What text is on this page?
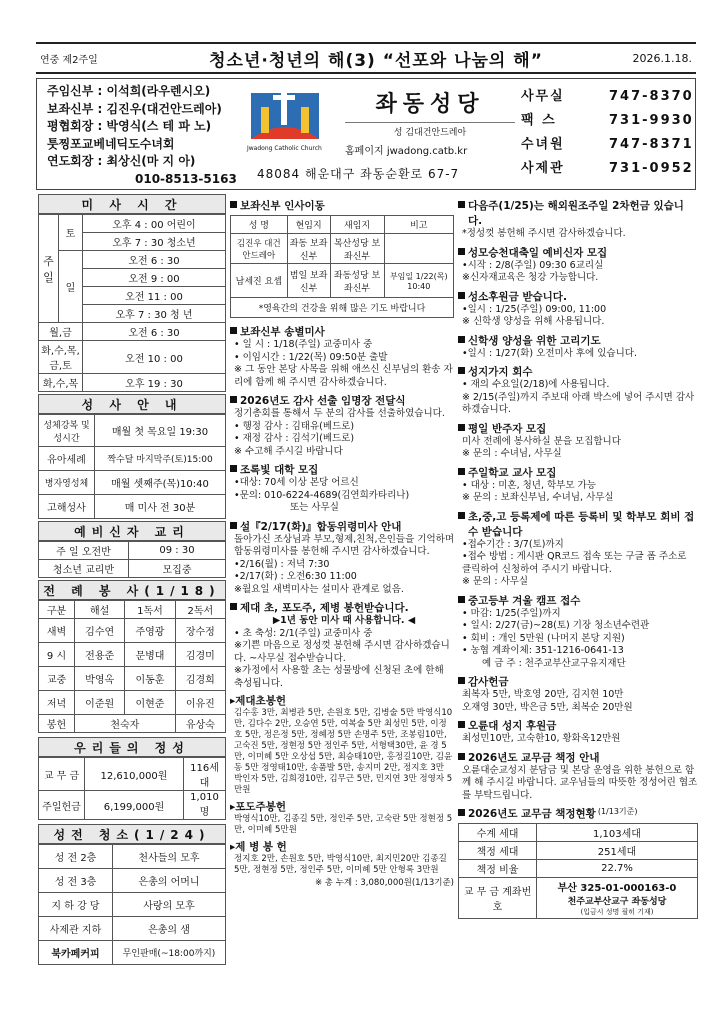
연중 제2주일	청소년·청년의 해(3) “선포와 나눔의 해”	2026.1.18.
주임신부 : 이석희(라우렌시오)
보좌신부 : 김진우(대건안드레아)
평협회장 : 박영식(스 테 파 노)
툿찡포교베네딕도수녀회
연도회장 : 최상신(마 지 아)
010-8513-5163
Jwadong Catholic Church
좌동성당
성 김대건안드레아
홈페이지 jwadong.catb.kr
48084 해운대구 좌동순환로 67-7
사무실	747-8370
팩 스	731-9930
수녀원	747-8371
사제관	731-0952
미 사 시 간
주일	토	오후 4 : 00 어린이
		오후 7 : 30 청소년
	일	오전 6 : 30
		오전 9 : 00
		오전 11 : 00
		오후 7 : 30 청 년
월,금		오전 6 : 30
화,수,목,금,토		오전 10 : 00
화,수,목		오후 19 : 30
성 사 안 내
성체강복 및 성시간	매월 첫 목요일 19:30
유아세례	짝수달 마지막주(토)15:00
병자영성체	매월 셋째주(목)10:40
고해성사	매 미사 전 30분
예비신자 교리
주 일 오전반	09 : 30
청소년 교리반	모집중
전 례 봉 사(1/18)
구분	해설	1독서	2독서
새벽	김수연	주영광	장수정
9 시	전용준	문병대	김경미
교중	박영옥	이동훈	김경희
저녁	이준원	이현준	이유진
봉헌	천숙자		유상숙
우리들의 정성
교 무 금	12,610,000원	116세대
주일헌금	6,199,000원	1,010 명
성전 청소(1/24)
성 전 2층	천사들의 모후
성 전 3층	은총의 어머니
지 하 강 당	사랑의 모후
사제관 지하	은총의 샘
북카페커피	무인판매(~18:00까지)
보좌신부 인사이동
성 명	현임지	새임지	비고
김진우 대건안드레아	좌동 보좌신부	복산성당 보좌신부	
남세진 요셉	범일 보좌신부	좌동성당 보좌신부	부임일 1/22(목) 10:40
*영육간의 건강을 위해 많은 기도 바랍니다			
보좌신부 송별미사
• 일 시 : 1/18(주일) 교중미사 중
• 이임시간 : 1/22(목) 09:50분 출발
※ 그 동안 본당 사목을 위해 애쓰신 신부님의 환송 자리에 함께 해 주시면 감사하겠습니다.
2026년도 감사 선출 임명장 전달식
정기총회를 통해서 두 분의 감사를 선출하였습니다.
• 행정 감사 : 김태유(베드로)
• 재정 감사 : 김석기(베드로)
※ 수고해 주시길 바랍니다
조록빛 대학 모집
•대상: 70세 이상 본당 어르신
•문의: 010-6224-4689(김연희카타리나)
또는 사무실
설『2/17(화)』합동위령미사 안내
돌아가신 조상님과 부모,형제,친척,은인들을 기억하며 합동위령미사를 봉헌해 주시면 감사하겠습니다.
•2/16(월) : 저녁 7:30
•2/17(화) : 오전6:30 11:00
※월요일 새벽미사는 설미사 관계로 없음.
제대 초, 포도주, 제병 봉헌받습니다.
▶1년 동안 미사 때 사용합니다. ◀
• 초 축성: 2/1(주일) 교중미사 중
※기쁜 마음으로 정성껏 봉헌해 주시면 감사하겠습니다. ~사무실 접수받습니다.
※가정에서 사용할 초는 성물방에 신청된 초에 한해 축성됩니다.
▸제대초봉헌
김수홍 3만, 최병관 5만, 손원호 5만, 김병술 5만 박영식10만, 김다수 2만, 오승연 5만, 여복술 5만 최성민 5만, 이정호 5만, 정은정 5만, 정혜정 5만 손명주 5만, 조봉림10만, 고숙진 5만, 정현정 5만 정인주 5만, 서형택30만, 윤 경 5만, 이미혜 5만 오상섭 5만, 최승태10만, 홍정길10만, 김윤동 5만 정영태10만, 송품발 5만, 송지미 2만, 정지호 3만 박인자 5만, 김희경10만, 김무근 5만, 민지연 3만 정영자 5만원
▸포도주봉헌
박영식10만, 김종길 5만, 정인주 5만, 고숙란 5만 정현정 5만, 이미혜 5만원
▸제 병 봉 헌
정지호 2만, 손원호 5만, 박영식10만, 최지민20만 김종길 5만, 정현정 5만, 정인주 5만, 이미혜 5만 안형록 3만원
※ 총 누계 : 3,080,000원(1/13기준)
다음주(1/25)는 해외원조주일 2차헌금 있습니다.
*정성껏 봉헌해 주시면 감사하겠습니다.
성모승천대축일 예비신자 모집
•시작 : 2/8(주일) 09:30 6교리실
※신자재교육은 청강 가능합니다.
성소후원금 받습니다.
•일시 : 1/25(주일) 09:00, 11:00
※ 신학생 양성을 위해 사용됩니다.
신학생 양성을 위한 고리기도
•일시 : 1/27(화) 오전미사 후에 있습니다.
성지가지 회수
• 재의 수요일(2/18)에 사용됩니다.
※ 2/15(주일)까지 주보대 아래 박스에 넣어 주시면 감사하겠습니다.
평일 반주자 모집
미사 전례에 봉사하실 분을 모집합니다
※ 문의 : 수녀님, 사무실
주일학교 교사 모집
• 대상 : 미혼, 청년, 학부모 가능
※ 문의 : 보좌신부님, 수녀님, 사무실
초,중,고 등록제에 따른 등록비 및 학부모 회비 접수 받습니다
•접수기간 : 3/7(토)까지
•접수 방법 : 게시판 QR코드 접속 또는 구글 폼 주소로 클릭하여 신청하여 주시기 바랍니다.
※ 문의 : 사무실
중고등부 겨울 캠프 접수
• 마감: 1/25(주일)까지
• 일시: 2/27(금)~28(토) 기장 청소년수련관
• 회비 : 개인 5만원 (나머지 본당 지원)
• 농협 계좌이체: 351-1216-0641-13
예 금 주 : 천주교부산교구유지재단
감사헌금
최복자 5만, 박호영 20만, 김지현 10만
오재영 30만, 박은금 5만, 최복순 20만원
오륜대 성지 후원금
최성민10만, 고숙한10, 황화옥12만원
2026년도 교무금 책정 안내
오륜대순교성지 분담금 및 본당 운영을 위한 봉헌으로 함께 해 주시길 바랍니다. 교우님들의 따뜻한 정성어린 협조를 부탁드립니다.
2026년도 교무금 책정현황 (1/13기준)
수계 세대	1,103세대
책정 세대	251세대
책정 비율	22.7%
교 무 금 계좌번호	부산 325-01-000163-0
천주교부산교구 좌동성당
(입금시 성명 필히 기재)
